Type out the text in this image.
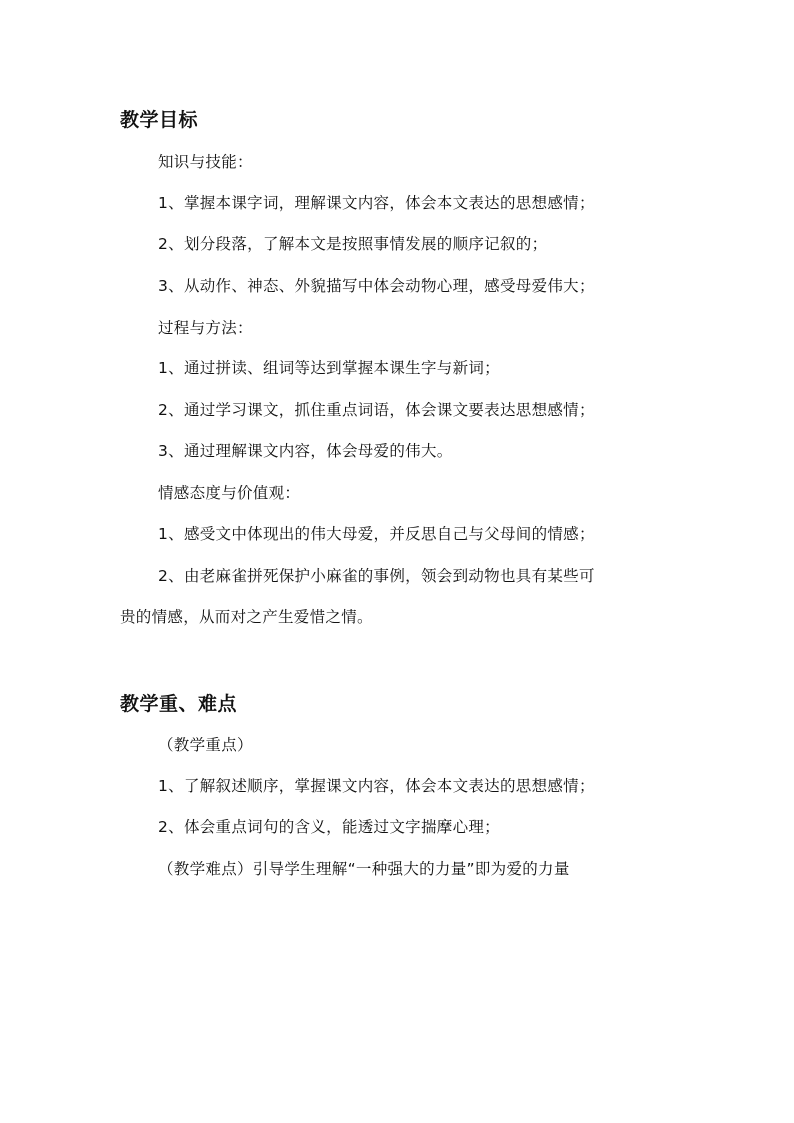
教学目标
知识与技能：
1、掌握本课字词，理解课文内容，体会本文表达的思想感情；
2、划分段落，了解本文是按照事情发展的顺序记叙的；
3、从动作、神态、外貌描写中体会动物心理，感受母爱伟大；
过程与方法：
1、通过拼读、组词等达到掌握本课生字与新词；
2、通过学习课文，抓住重点词语，体会课文要表达思想感情；
3、通过理解课文内容，体会母爱的伟大。
情感态度与价值观：
1、感受文中体现出的伟大母爱，并反思自己与父母间的情感；
2、由老麻雀拼死保护小麻雀的事例，领会到动物也具有某些可
贵的情感，从而对之产生爱惜之情。
教学重、难点
（教学重点）
1、了解叙述顺序，掌握课文内容，体会本文表达的思想感情；
2、体会重点词句的含义，能透过文字揣摩心理；
（教学难点）引导学生理解“一种强大的力量”即为爱的力量
